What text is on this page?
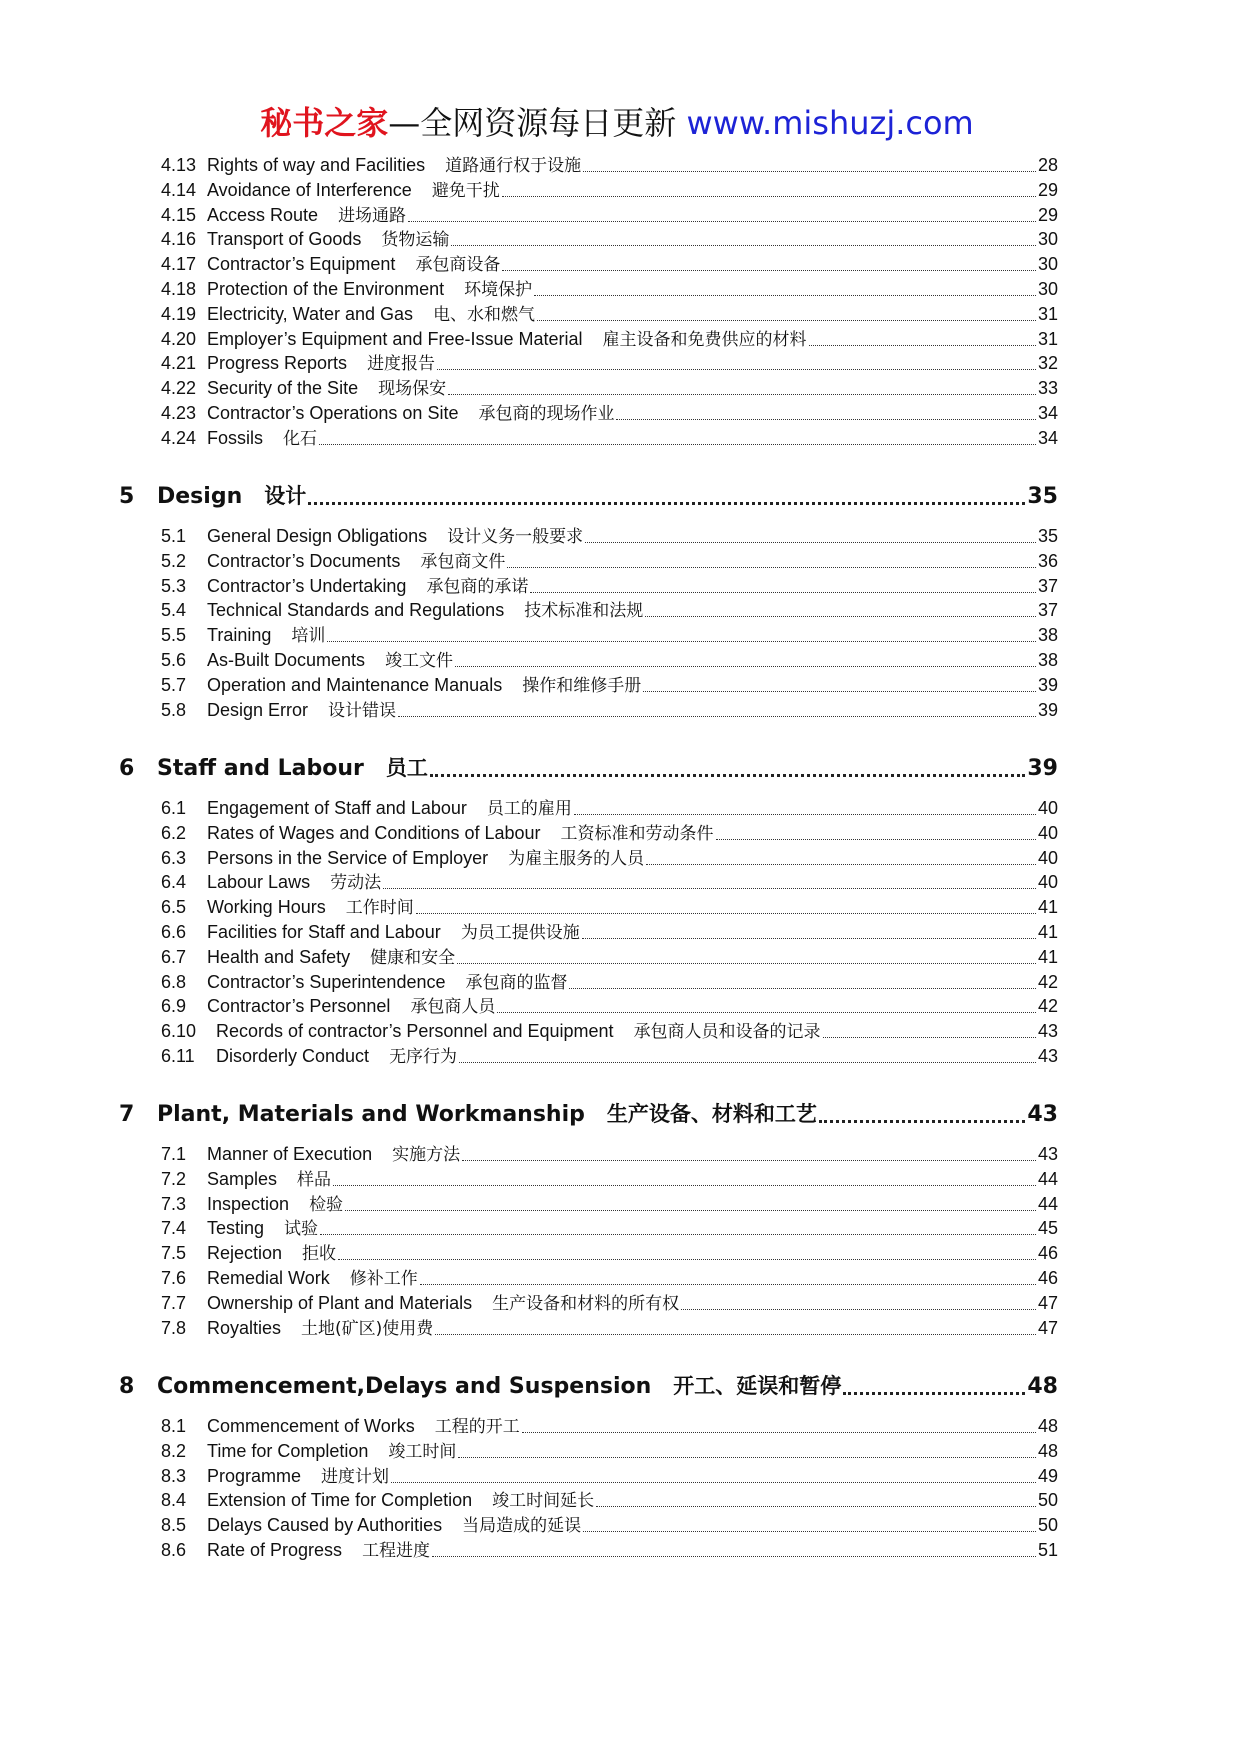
秘书之家—全网资源每日更新 www.mishuzj.com
4.13 Rights of way and Facilities 道路通行权于设施	28
4.14 Avoidance of Interference 避免干扰	29
4.15 Access Route 进场通路	29
4.16 Transport of Goods 货物运输	30
4.17 Contractor’s Equipment 承包商设备	30
4.18 Protection of the Environment 环境保护	30
4.19 Electricity, Water and Gas 电、水和燃气	31
4.20 Employer’s Equipment and Free-Issue Material 雇主设备和免费供应的材料	31
4.21 Progress Reports 进度报告	32
4.22 Security of the Site 现场保安	33
4.23 Contractor’s Operations on Site 承包商的现场作业	34
4.24 Fossils 化石	34
5	Design 设计	35
5.1	General Design Obligations 设计义务一般要求	35
5.2	Contractor’s Documents 承包商文件	36
5.3	Contractor’s Undertaking 承包商的承诺	37
5.4	Technical Standards and Regulations 技术标准和法规	37
5.5	Training 培训	38
5.6	As-Built Documents 竣工文件	38
5.7	Operation and Maintenance Manuals 操作和维修手册	39
5.8	Design Error 设计错误	39
6	Staff and Labour 员工	39
6.1	Engagement of Staff and Labour 员工的雇用	40
6.2	Rates of Wages and Conditions of Labour 工资标准和劳动条件	40
6.3	Persons in the Service of Employer 为雇主服务的人员	40
6.4	Labour Laws 劳动法	40
6.5	Working Hours 工作时间	41
6.6	Facilities for Staff and Labour 为员工提供设施	41
6.7	Health and Safety 健康和安全	41
6.8	Contractor’s Superintendence 承包商的监督	42
6.9	Contractor’s Personnel 承包商人员	42
6.10	Records of contractor’s Personnel and Equipment 承包商人员和设备的记录	43
6.11	Disorderly Conduct 无序行为	43
7	Plant, Materials and Workmanship 生产设备、材料和工艺	43
7.1	Manner of Execution 实施方法	43
7.2	Samples 样品	44
7.3	Inspection 检验	44
7.4	Testing 试验	45
7.5	Rejection 拒收	46
7.6	Remedial Work 修补工作	46
7.7	Ownership of Plant and Materials 生产设备和材料的所有权	47
7.8	Royalties 土地(矿区)使用费	47
8	Commencement,Delays and Suspension 开工、延误和暂停	48
8.1	Commencement of Works 工程的开工	48
8.2	Time for Completion 竣工时间	48
8.3	Programme 进度计划	49
8.4	Extension of Time for Completion 竣工时间延长	50
8.5	Delays Caused by Authorities 当局造成的延误	50
8.6	Rate of Progress 工程进度	51
